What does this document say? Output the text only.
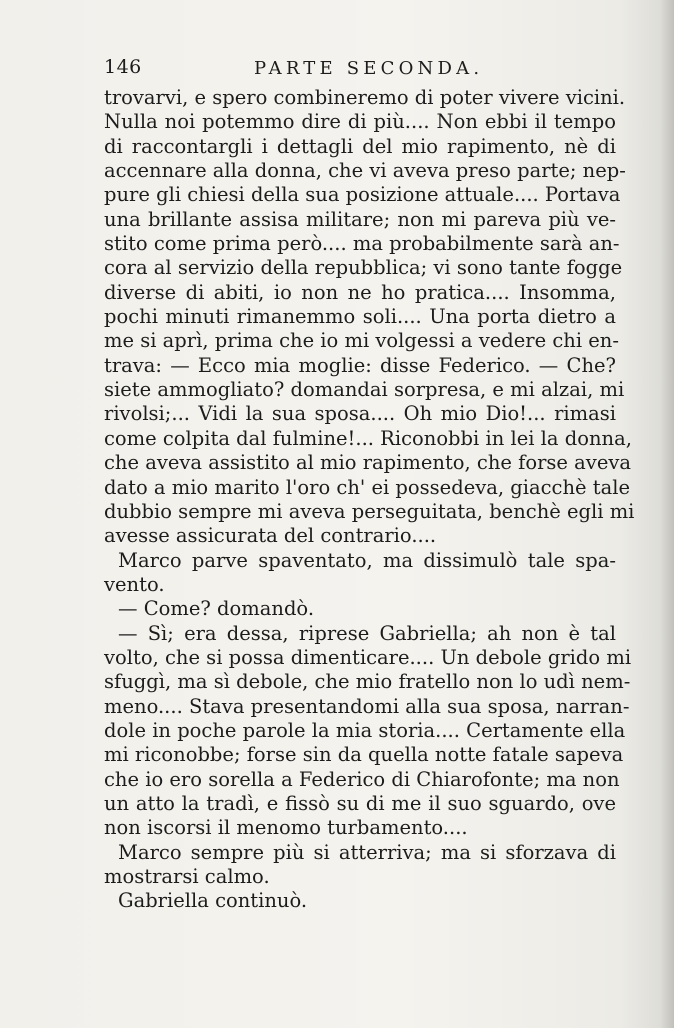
146	PARTE SECONDA.
trovarvi, e spero combineremo di poter vivere vicini.
Nulla noi potemmo dire di più.... Non ebbi il tempo
di raccontargli i dettagli del mio rapimento, nè di
accennare alla donna, che vi aveva preso parte; nep-
pure gli chiesi della sua posizione attuale.... Portava
una brillante assisa militare; non mi pareva più ve-
stito come prima però.... ma probabilmente sarà an-
cora al servizio della repubblica; vi sono tante fogge
diverse di abiti, io non ne ho pratica.... Insomma,
pochi minuti rimanemmo soli.... Una porta dietro a
me si aprì, prima che io mi volgessi a vedere chi en-
trava: — Ecco mia moglie: disse Federico. — Che?
siete ammogliato? domandai sorpresa, e mi alzai, mi
rivolsi;... Vidi la sua sposa.... Oh mio Dio!... rimasi
come colpita dal fulmine!... Riconobbi in lei la donna,
che aveva assistito al mio rapimento, che forse aveva
dato a mio marito l'oro ch' ei possedeva, giacchè tale
dubbio sempre mi aveva perseguitata, benchè egli mi
avesse assicurata del contrario....
Marco parve spaventato, ma dissimulò tale spa-
vento.
— Come? domandò.
— Sì; era dessa, riprese Gabriella; ah non è tal
volto, che si possa dimenticare.... Un debole grido mi
sfuggì, ma sì debole, che mio fratello non lo udì nem-
meno.... Stava presentandomi alla sua sposa, narran-
dole in poche parole la mia storia.... Certamente ella
mi riconobbe; forse sin da quella notte fatale sapeva
che io ero sorella a Federico di Chiarofonte; ma non
un atto la tradì, e fissò su di me il suo sguardo, ove
non iscorsi il menomo turbamento....
Marco sempre più si atterriva; ma si sforzava di
mostrarsi calmo.
Gabriella continuò.
